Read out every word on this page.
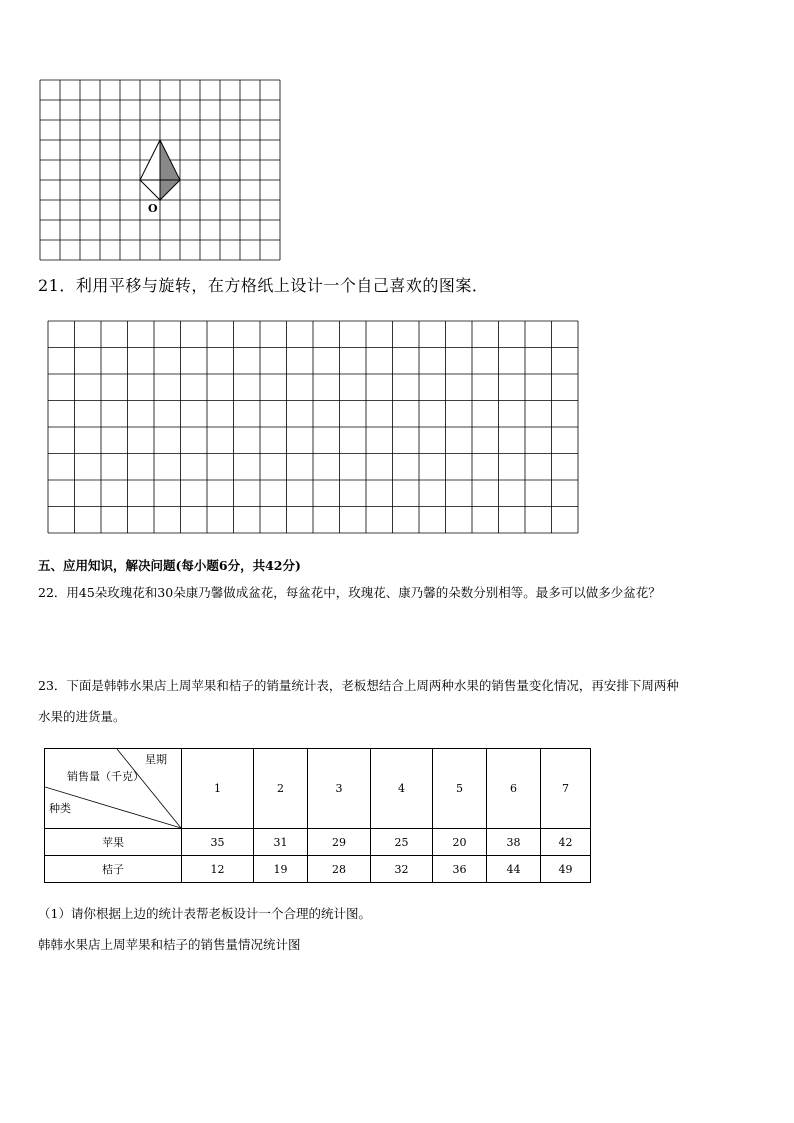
O
21．利用平移与旋转，在方格纸上设计一个自己喜欢的图案．
五、应用知识，解决问题(每小题6分，共42分)
22．用45朵玫瑰花和30朵康乃馨做成盆花，每盆花中，玫瑰花、康乃馨的朵数分别相等。最多可以做多少盆花？
23．下面是韩韩水果店上周苹果和桔子的销量统计表，老板想结合上周两种水果的销售量变化情况，再安排下周两种
水果的进货量。
星期
销售量（千克）
种类	1	2	3	4	5	6	7
苹果	35	31	29	25	20	38	42
桔子	12	19	28	32	36	44	49
（1）请你根据上边的统计表帮老板设计一个合理的统计图。
韩韩水果店上周苹果和桔子的销售量情况统计图
